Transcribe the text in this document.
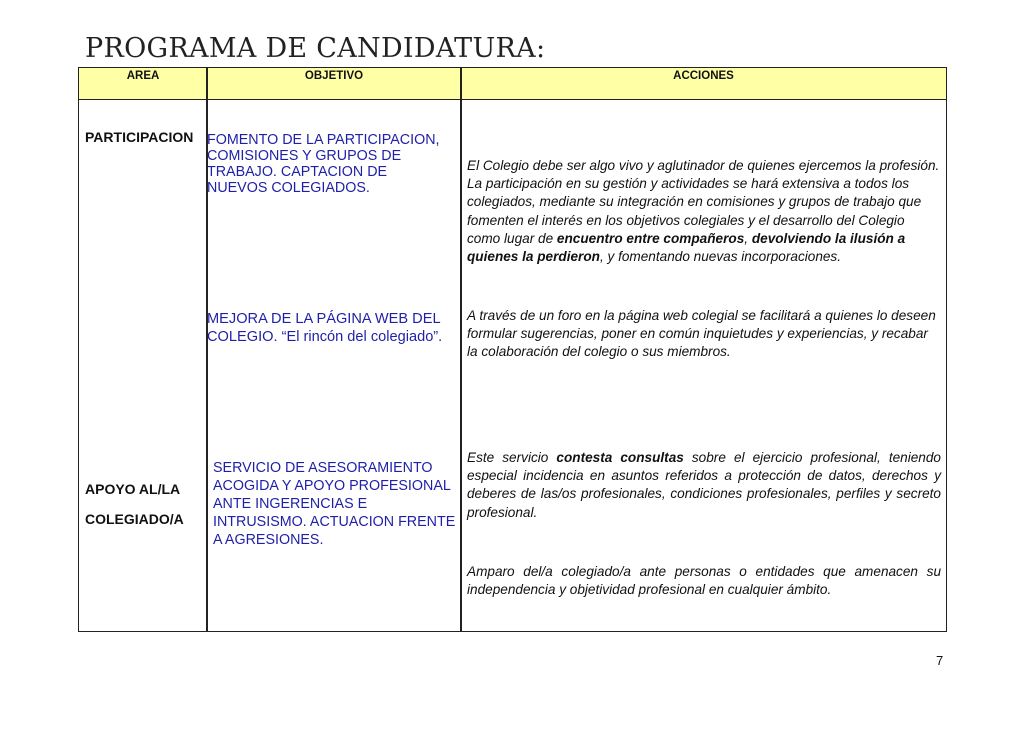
PROGRAMA DE CANDIDATURA:
AREA	OBJETIVO	ACCIONES
PARTICIPACION FOMENTO DE LA PARTICIPACION, COMISIONES Y GRUPOS DE TRABAJO. CAPTACION DE NUEVOS COLEGIADOS.
MEJORA DE LA PÁGINA WEB DEL COLEGIO. “El rincón del colegiado”.
El Colegio debe ser algo vivo y aglutinador de quienes ejercemos la profesión. La participación en su gestión y actividades se hará extensiva a todos los colegiados, mediante su integración en comisiones y grupos de trabajo que fomenten el interés en los objetivos colegiales y el desarrollo del Colegio como lugar de encuentro entre compañeros, devolviendo la ilusión a quienes la perdieron, y fomentando nuevas incorporaciones.
A través de un foro en la página web colegial se facilitará a quienes lo deseen formular sugerencias, poner en común inquietudes y experiencias, y recabar la colaboración del colegio o sus miembros.
APOYO AL/LA
COLEGIADO/A
SERVICIO DE ASESORAMIENTO ACOGIDA Y APOYO PROFESIONAL ANTE INGERENCIAS E INTRUSISMO. ACTUACION FRENTE A AGRESIONES.
Este servicio contesta consultas sobre el ejercicio profesional, teniendo especial incidencia en asuntos referidos a protección de datos, derechos y deberes de las/os profesionales, condiciones profesionales, perfiles y secreto profesional.
Amparo del/a colegiado/a ante personas o entidades que amenacen su independencia y objetividad profesional en cualquier ámbito.
7
